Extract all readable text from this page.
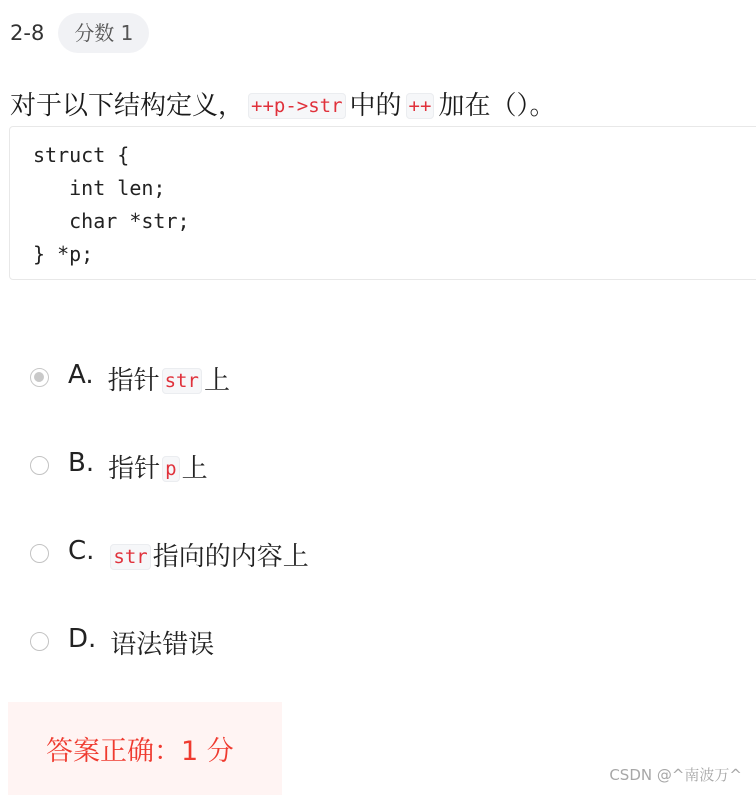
2-8	分数 1
对于以下结构定义， ++p->str 中的 ++ 加在（）。
struct {
int len;
char *str;
} *p;
A. 指针 str 上
B. 指针 p 上
C. str 指向的内容上
D. 语法错误
答案正确：1 分
CSDN @^南波万^
